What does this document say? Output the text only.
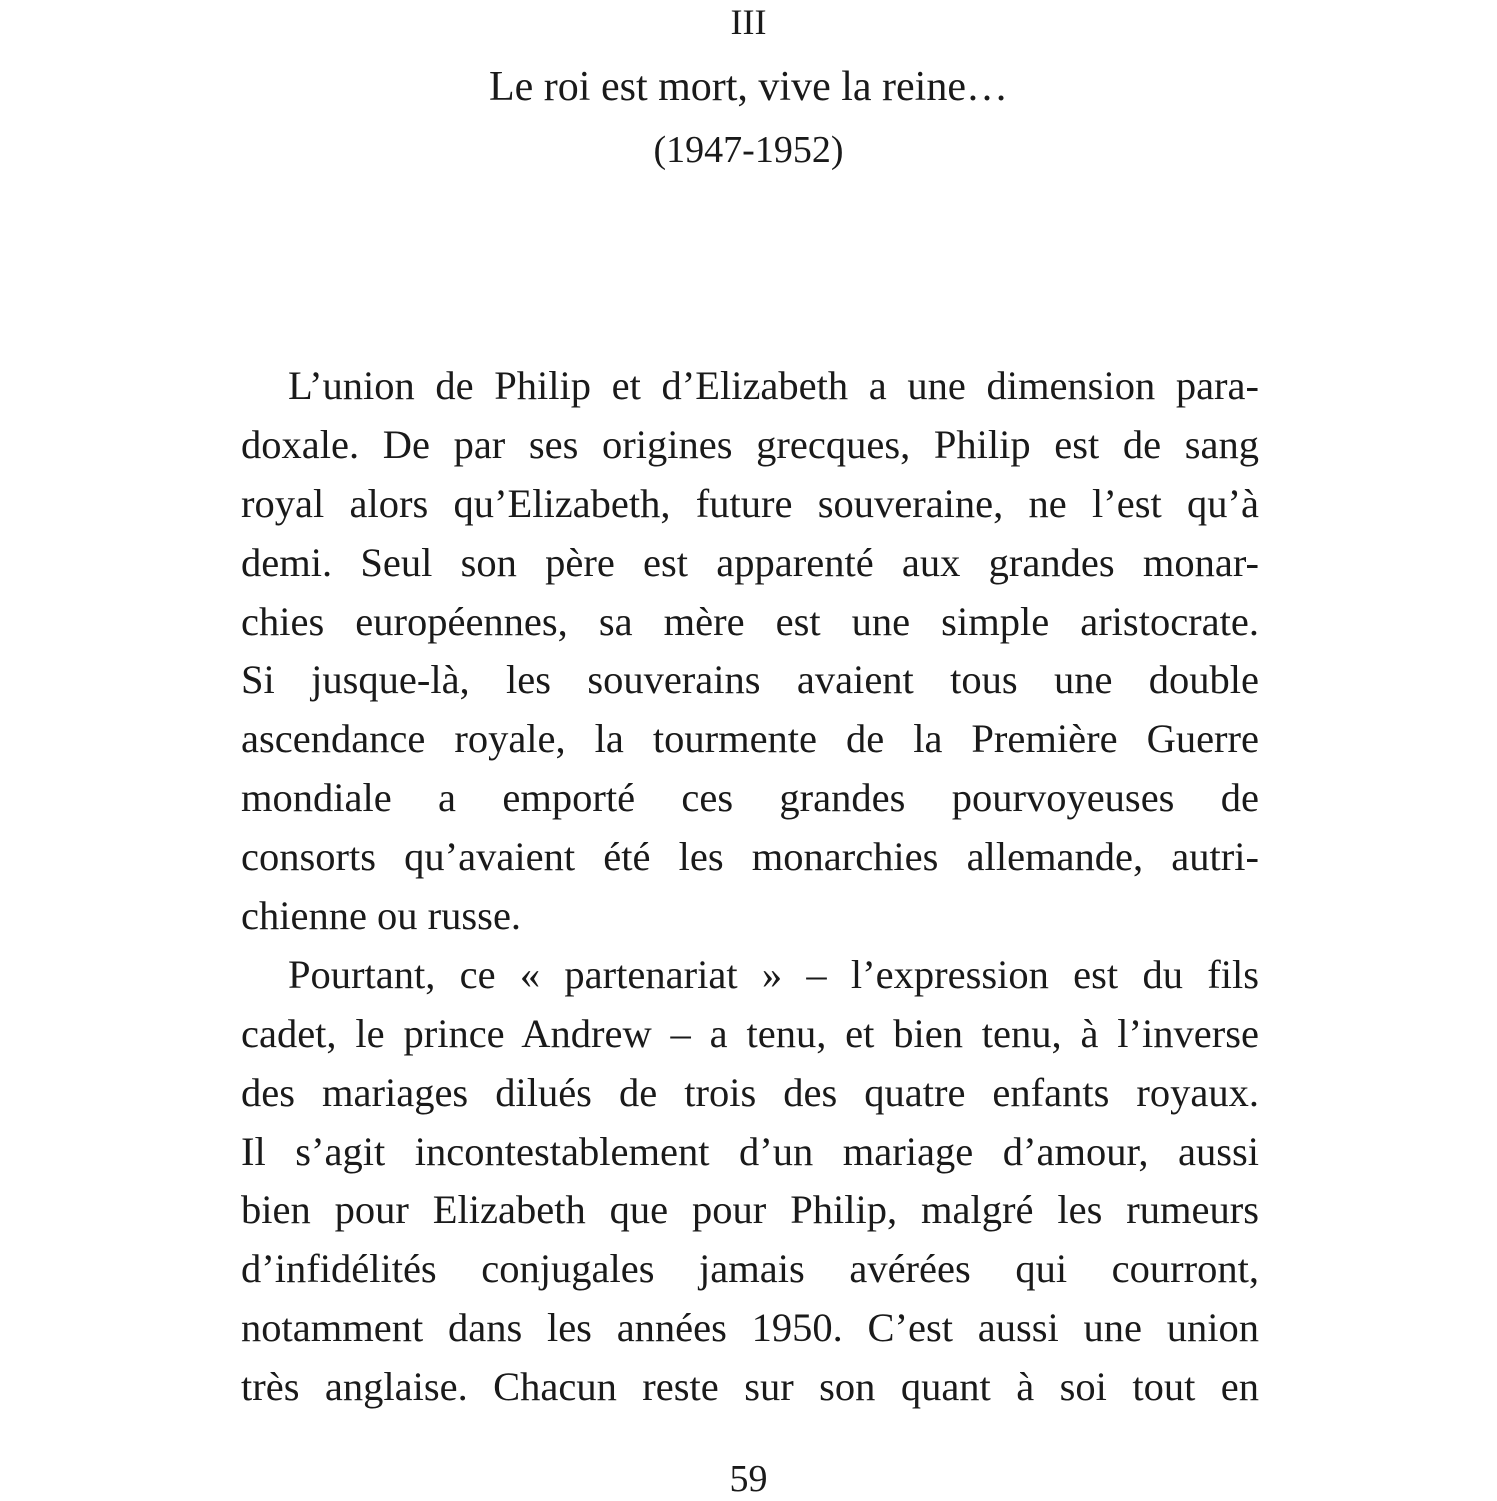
III
Le roi est mort, vive la reine…
(1947-1952)
L’union de Philip et d’Elizabeth a une dimension para-
doxale. De par ses origines grecques, Philip est de sang
royal alors qu’Elizabeth, future souveraine, ne l’est qu’à
demi. Seul son père est apparenté aux grandes monar-
chies européennes, sa mère est une simple aristocrate.
Si jusque-là, les souverains avaient tous une double
ascendance royale, la tourmente de la Première Guerre
mondiale a emporté ces grandes pourvoyeuses de
consorts qu’avaient été les monarchies allemande, autri-
chienne ou russe.
Pourtant, ce « partenariat » – l’expression est du fils
cadet, le prince Andrew – a tenu, et bien tenu, à l’inverse
des mariages dilués de trois des quatre enfants royaux.
Il s’agit incontestablement d’un mariage d’amour, aussi
bien pour Elizabeth que pour Philip, malgré les rumeurs
d’infidélités conjugales jamais avérées qui courront,
notamment dans les années 1950. C’est aussi une union
très anglaise. Chacun reste sur son quant à soi tout en
59
